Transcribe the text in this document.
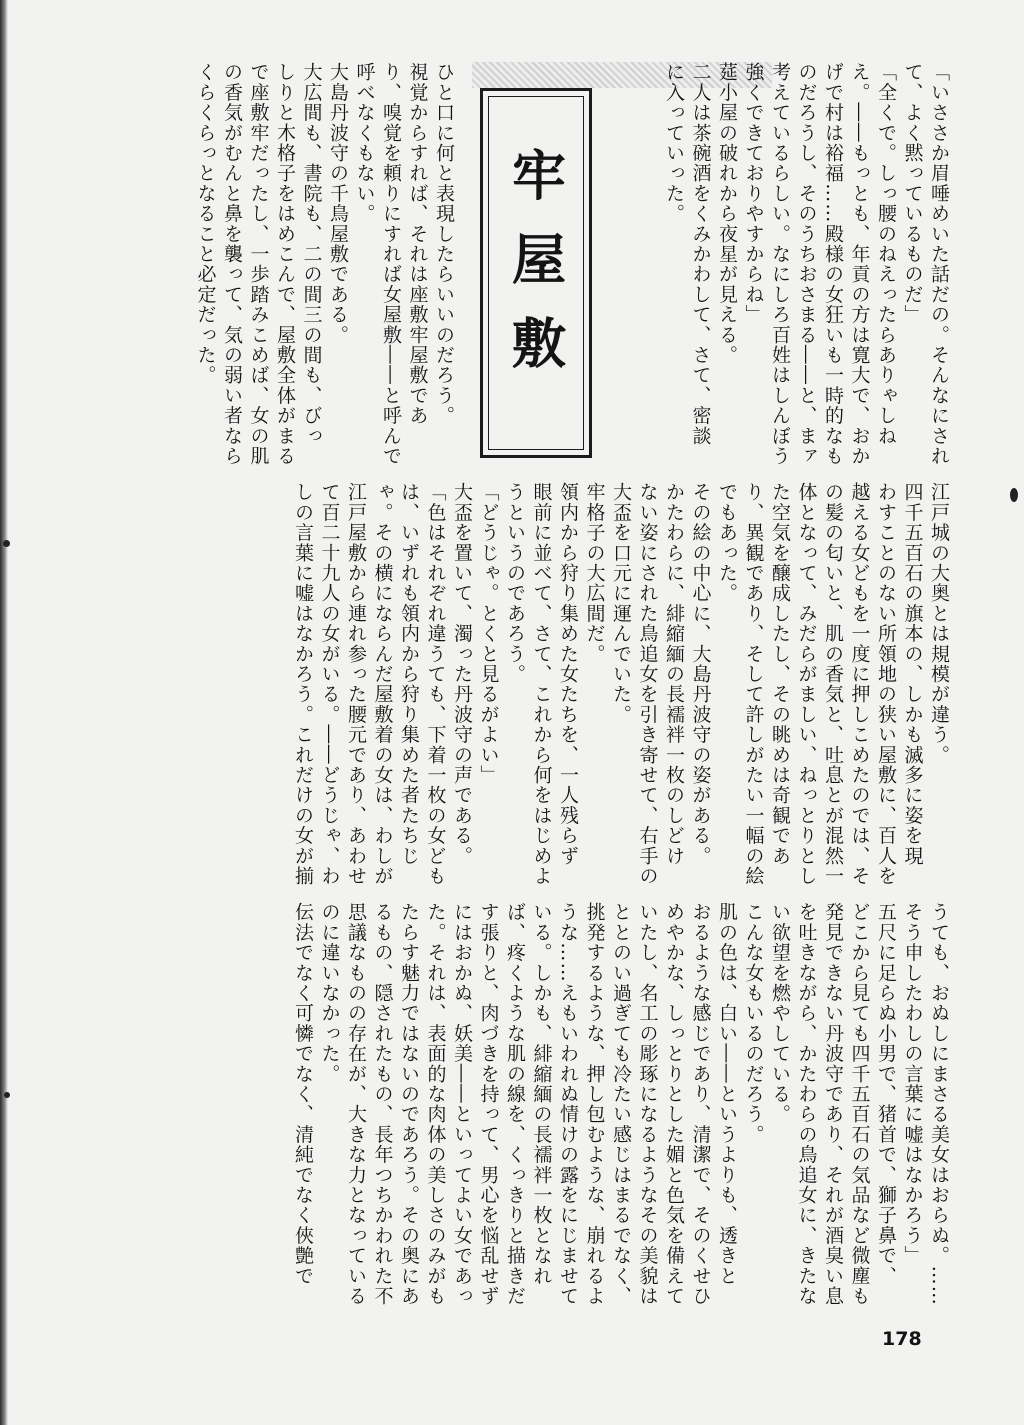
「いささか眉唾めいた話だの。そんなにされ
て、よく黙っているものだ」
「全くで。しっ腰のねえったらありゃしね
え。――もっとも、年貢の方は寛大で、おか
げで村は裕福……殿様の女狂いも一時的なも
のだろうし、そのうちおさまる――と、まァ
考えているらしい。なにしろ百姓はしんぼう
強くできておりやすからね」
莚小屋の破れから夜星が見える。
二人は茶碗酒をくみかわして、さて、密談
に入っていった。
牢屋敷
ひと口に何と表現したらいいのだろう。
視覚からすれば、それは座敷牢屋敷であ
り、嗅覚を頼りにすれば女屋敷――と呼んで
呼べなくもない。
大島丹波守の千鳥屋敷である。
大広間も、書院も、二の間三の間も、びっ
しりと木格子をはめこんで、屋敷全体がまる
で座敷牢だったし、一歩踏みこめば、女の肌
の香気がむんと鼻を襲って、気の弱い者なら
くらくらっとなること必定だった。
江戸城の大奥とは規模が違う。
四千五百石の旗本の、しかも滅多に姿を現
わすことのない所領地の狭い屋敷に、百人を
越える女どもを一度に押しこめたのでは、そ
の髪の匂いと、肌の香気と、吐息とが混然一
体となって、みだらがましい、ねっとりとし
た空気を醸成したし、その眺めは奇観であ
り、異観であり、そして許しがたい一幅の絵
でもあった。
その絵の中心に、大島丹波守の姿がある。
かたわらに、緋縮緬の長襦袢一枚のしどけ
ない姿にされた鳥追女を引き寄せて、右手の
大盃を口元に運んでいた。
牢格子の大広間だ。
領内から狩り集めた女たちを、一人残らず
眼前に並べて、さて、これから何をはじめよ
うというのであろう。
「どうじゃ。とくと見るがよい」
大盃を置いて、濁った丹波守の声である。
「色はそれぞれ違うても、下着一枚の女ども
は、いずれも領内から狩り集めた者たちじ
ゃ。その横にならんだ屋敷着の女は、わしが
江戸屋敷から連れ参った腰元であり、あわせ
て百二十九人の女がいる。――どうじゃ、わ
しの言葉に嘘はなかろう。これだけの女が揃
うても、おぬしにまさる美女はおらぬ。……
そう申したわしの言葉に嘘はなかろう」
五尺に足らぬ小男で、猪首で、獅子鼻で、
どこから見ても四千五百石の気品など微塵も
発見できない丹波守であり、それが酒臭い息
を吐きながら、かたわらの鳥追女に、きたな
い欲望を燃やしている。
こんな女もいるのだろう。
肌の色は、白い――というよりも、透きと
おるような感じであり、清潔で、そのくせひ
めやかな、しっとりとした媚と色気を備えて
いたし、名工の彫琢になるようなその美貌は
ととのい過ぎても冷たい感じはまるでなく、
挑発するような、押し包むような、崩れるよ
うな……えもいわれぬ情けの露をにじませて
いる。しかも、緋縮緬の長襦袢一枚となれ
ば、疼くような肌の線を、くっきりと描きだ
す張りと、肉づきを持って、男心を悩乱せず
にはおかぬ、妖美――といってよい女であっ
た。それは、表面的な肉体の美しさのみがも
たらす魅力ではないのであろう。その奥にあ
るもの、隠されたもの、長年つちかわれた不
思議なものの存在が、大きな力となっている
のに違いなかった。
伝法でなく可憐でなく、清純でなく俠艶で
178
